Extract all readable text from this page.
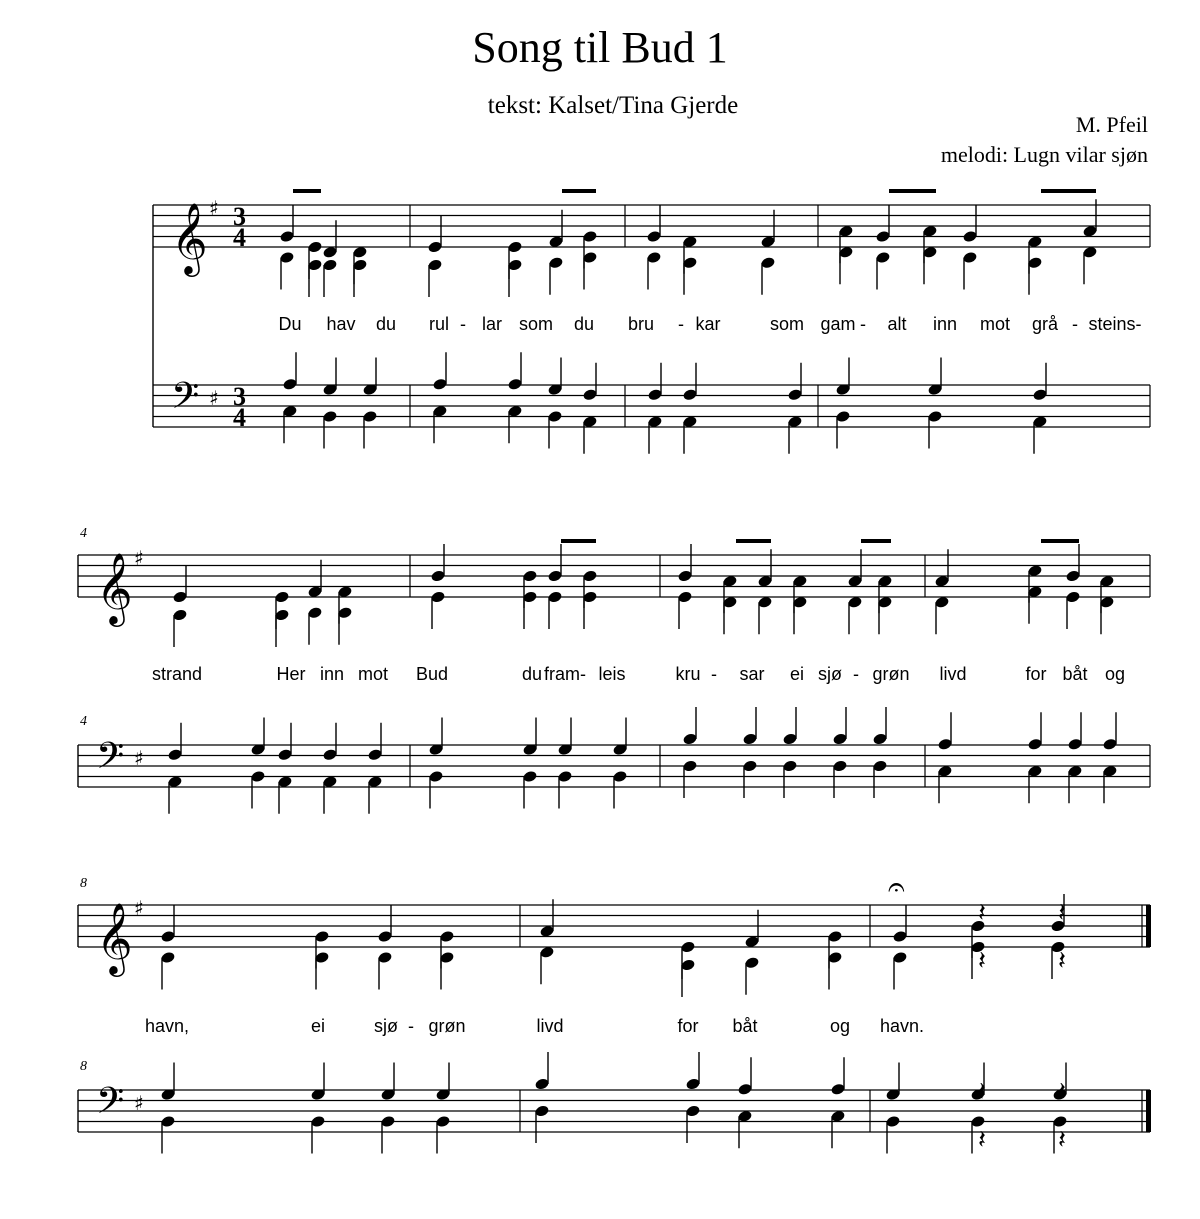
Song til Bud 1
tekst: Kalset/Tina Gjerde
M. Pfeil
melodi: Lugn vilar sjøn
𝄞
𝄢
♯
♯
3
4
3
4
Du hav du rul - lar som du bru - kar	som gam - alt inn mot grå - steins-
𝄞
𝄢
♯
♯
4
4
strand	Her inn mot Bud	du fram- leis	kru - sar ei sjø - grøn livd	for båt og
𝄞
𝄢
♯
♯
8
8
𝄐
𝄽	𝄽
𝄽	𝄽
𝄽	𝄽
𝄽	𝄽
havn,	ei	sjø - grøn	livd	for båt	og havn.
